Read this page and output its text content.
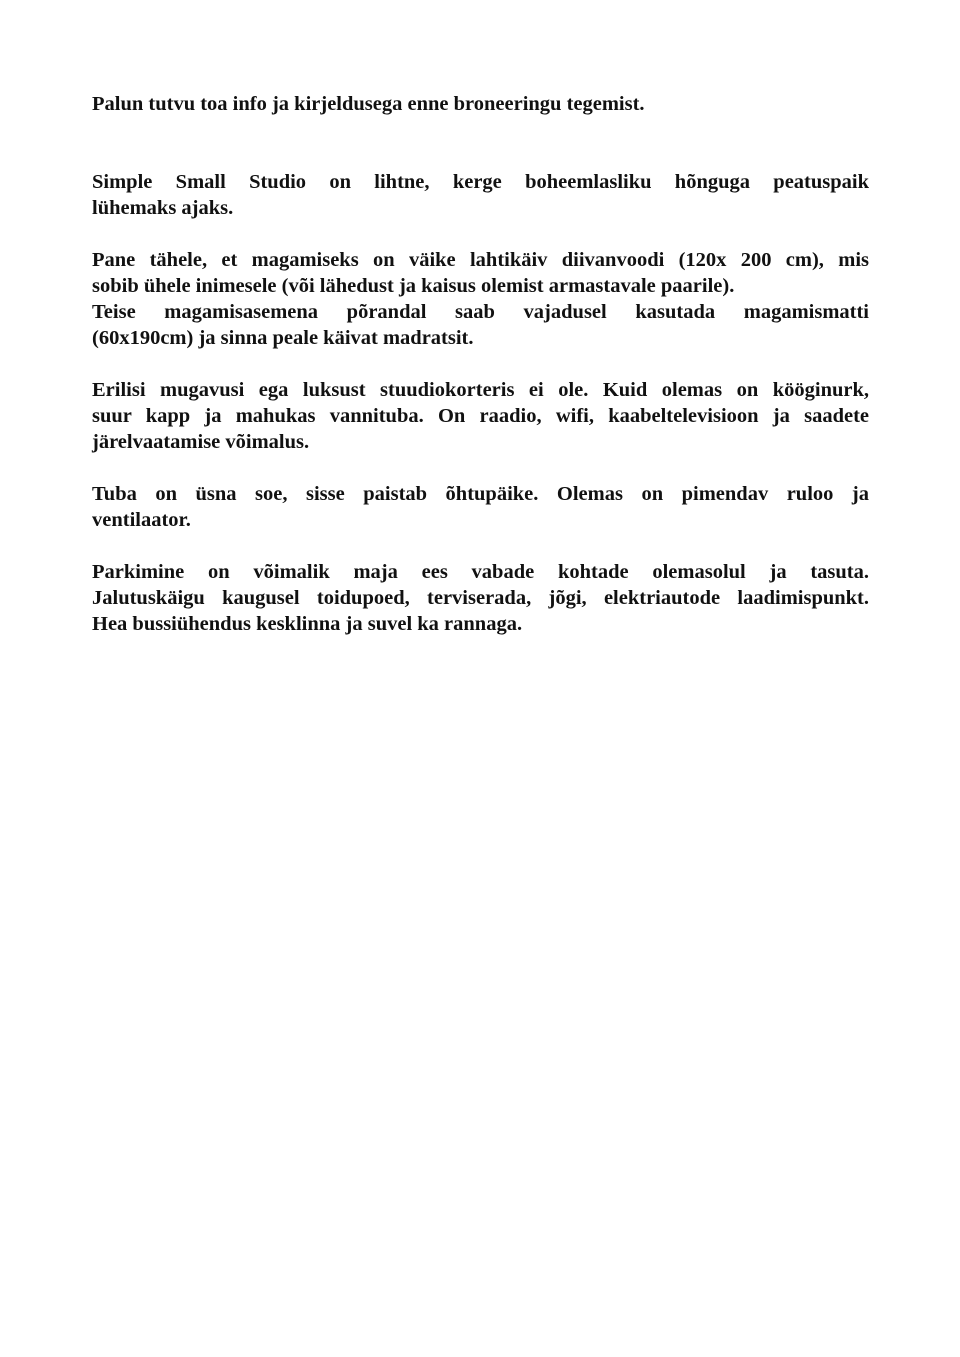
Palun tutvu toa info ja kirjeldusega enne broneeringu tegemist.

Simple Small Studio on lihtne, kerge boheemlasliku hõnguga peatuspaik
lühemaks ajaks.

Pane tähele, et magamiseks on väike lahtikäiv diivanvoodi (120x 200 cm), mis
sobib ühele inimesele (või lähedust ja kaisus olemist armastavale paarile).
Teise magamisasemena põrandal saab vajadusel kasutada magamismatti
(60x190cm) ja sinna peale käivat madratsit.

Erilisi mugavusi ega luksust stuudiokorteris ei ole. Kuid olemas on kööginurk,
suur kapp ja mahukas vannituba. On raadio, wifi, kaabeltelevisioon ja saadete
järelvaatamise võimalus.

Tuba on üsna soe, sisse paistab õhtupäike. Olemas on pimendav ruloo ja
ventilaator.

Parkimine on võimalik maja ees vabade kohtade olemasolul ja tasuta.
Jalutuskäigu kaugusel toidupoed, terviserada, jõgi, elektriautode laadimispunkt.
Hea bussiühendus kesklinna ja suvel ka rannaga.
